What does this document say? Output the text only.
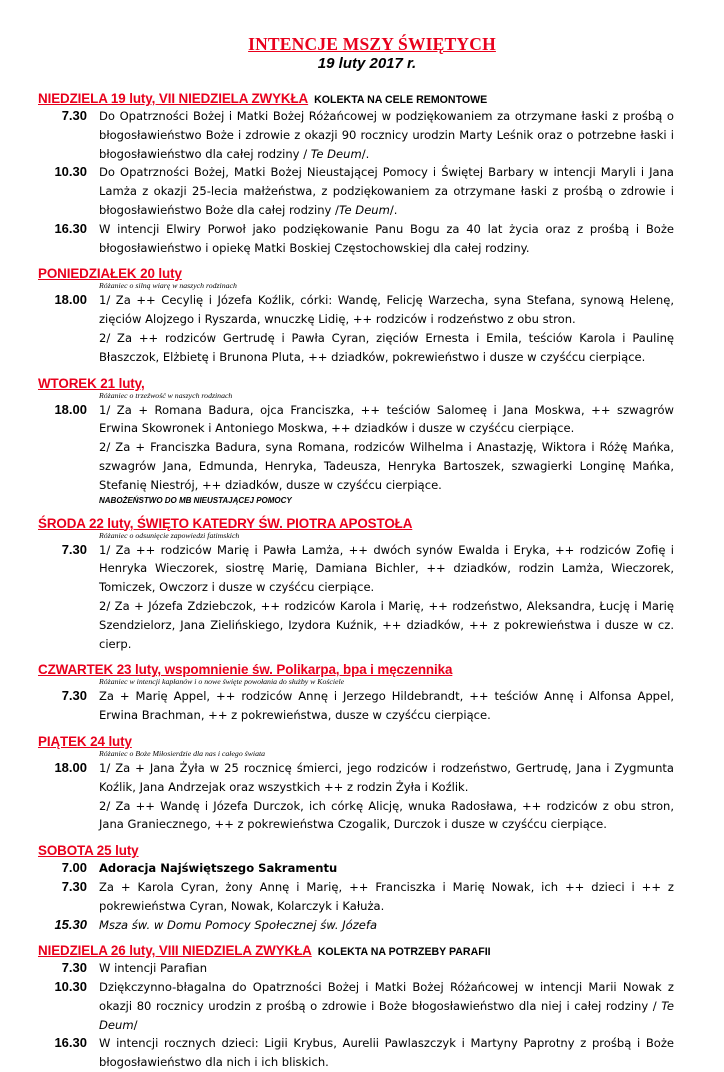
INTENCJE MSZY ŚWIĘTYCH
19 luty 2017 r.
NIEDZIELA 19 luty, VII NIEDZIELA ZWYKŁA KOLEKTA NA CELE REMONTOWE
7.30 Do Opatrzności Bożej i Matki Bożej Różańcowej w podziękowaniem za otrzymane łaski z prośbą o błogosławieństwo Boże i zdrowie z okazji 90 rocznicy urodzin Marty Leśnik oraz o potrzebne łaski i błogosławieństwo dla całej rodziny / Te Deum/.
10.30 Do Opatrzności Bożej, Matki Bożej Nieustającej Pomocy i Świętej Barbary w intencji Maryli i Jana Lamża z okazji 25-lecia małżeństwa, z podziękowaniem za otrzymane łaski z prośbą o zdrowie i błogosławieństwo Boże dla całej rodziny /Te Deum/.
16.30 W intencji Elwiry Porwoł jako podziękowanie Panu Bogu za 40 lat życia oraz z prośbą i Boże błogosławieństwo i opiekę Matki Boskiej Częstochowskiej dla całej rodziny.
PONIEDZIAŁEK 20 luty
Różaniec o silną wiarę w naszych rodzinach
18.00 1/ Za ++ Cecylię i Józefa Koźlik, córki: Wandę, Felicję Warzecha, syna Stefana, synową Helenę, zięciów Alojzego i Ryszarda, wnuczkę Lidię, ++ rodziców i rodzeństwo z obu stron.
2/ Za ++ rodziców Gertrudę i Pawła Cyran, zięciów Ernesta i Emila, teściów Karola i Paulinę Błaszczok, Elżbietę i Brunona Pluta, ++ dziadków, pokrewieństwo i dusze w czyśćcu cierpiące.
WTOREK 21 luty,
Różaniec o trzeźwość w naszych rodzinach
18.00 1/ Za + Romana Badura, ojca Franciszka, ++ teściów Salomeę i Jana Moskwa, ++ szwagrów Erwina Skowronek i Antoniego Moskwa, ++ dziadków i dusze w czyśćcu cierpiące.
2/ Za + Franciszka Badura, syna Romana, rodziców Wilhelma i Anastazję, Wiktora i Różę Mańka, szwagrów Jana, Edmunda, Henryka, Tadeusza, Henryka Bartoszek, szwagierki Longinę Mańka, Stefanię Niestrój, ++ dziadków, dusze w czyśćcu cierpiące.
NABOŻEŃSTWO DO MB NIEUSTAJĄCEJ POMOCY
ŚRODA 22 luty, ŚWIĘTO KATEDRY ŚW. PIOTRA APOSTOŁA
Różaniec o odsunięcie zapowiedzi fatimskich
7.30 1/ Za ++ rodziców Marię i Pawła Lamża, ++ dwóch synów Ewalda i Eryka, ++ rodziców Zofię i Henryka Wieczorek, siostrę Marię, Damiana Bichler, ++ dziadków, rodzin Lamża, Wieczorek, Tomiczek, Owczorz i dusze w czyśćcu cierpiące.
2/ Za + Józefa Zdziebczok, ++ rodziców Karola i Marię, ++ rodzeństwo, Aleksandra, Łucję i Marię Szendzielorz, Jana Zielińskiego, Izydora Kuźnik, ++ dziadków, ++ z pokrewieństwa i dusze w cz. cierp.
CZWARTEK 23 luty, wspomnienie św. Polikarpa, bpa i męczennika
Różaniec w intencji kapłanów i o nowe święte powołania do służby w Kościele
7.30 Za + Marię Appel, ++ rodziców Annę i Jerzego Hildebrandt, ++ teściów Annę i Alfonsa Appel, Erwina Brachman, ++ z pokrewieństwa, dusze w czyśćcu cierpiące.
PIĄTEK 24 luty
Różaniec o Boże Miłosierdzie dla nas i całego świata
18.00 1/ Za + Jana Żyła w 25 rocznicę śmierci, jego rodziców i rodzeństwo, Gertrudę, Jana i Zygmunta Koźlik, Jana Andrzejak oraz wszystkich ++ z rodzin Żyła i Koźlik.
2/ Za ++ Wandę i Józefa Durczok, ich córkę Alicję, wnuka Radosława, ++ rodziców z obu stron, Jana Graniecznego, ++ z pokrewieństwa Czogalik, Durczok i dusze w czyśćcu cierpiące.
SOBOTA 25 luty
7.00 Adoracja Najświętszego Sakramentu
7.30 Za + Karola Cyran, żony Annę i Marię, ++ Franciszka i Marię Nowak, ich ++ dzieci i ++ z pokrewieństwa Cyran, Nowak, Kolarczyk i Kałuża.
15.30 Msza św. w Domu Pomocy Społecznej św. Józefa
NIEDZIELA 26 luty, VIII NIEDZIELA ZWYKŁA KOLEKTA NA POTRZEBY PARAFII
7.30 W intencji Parafian
10.30 Dziękczynno-błagalna do Opatrzności Bożej i Matki Bożej Różańcowej w intencji Marii Nowak z okazji 80 rocznicy urodzin z prośbą o zdrowie i Boże błogosławieństwo dla niej i całej rodziny / Te Deum/
16.30 W intencji rocznych dzieci: Ligii Krybus, Aurelii Pawlaszczyk i Martyny Paprotny z prośbą i Boże błogosławieństwo dla nich i ich bliskich.
